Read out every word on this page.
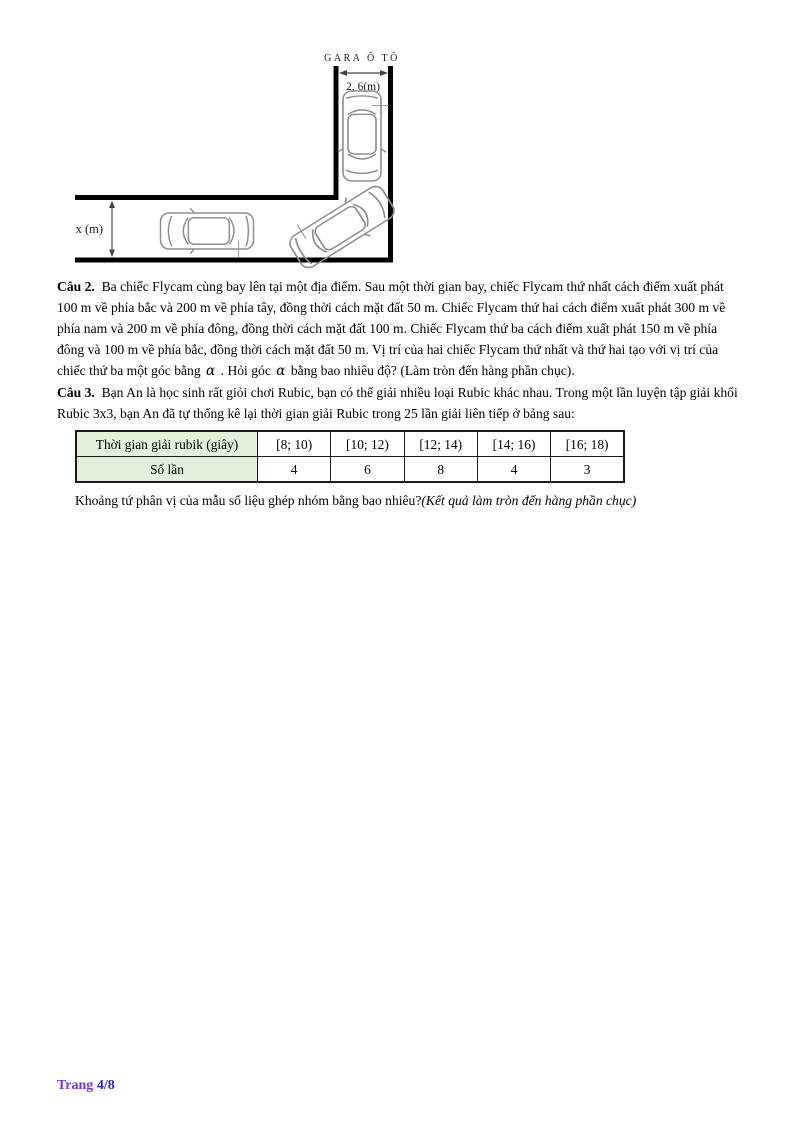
GARA Ô TÔ
2, 6(m)
x (m)

Câu 2. Ba chiếc Flycam cùng bay lên tại một địa điểm. Sau một thời gian bay, chiếc Flycam thứ nhất cách điểm xuất phát 100 m về phía bắc và 200 m về phía tây, đồng thời cách mặt đất 50 m. Chiếc Flycam thứ hai cách điểm xuất phát 300 m về phía nam và 200 m về phía đông, đồng thời cách mặt đất 100 m. Chiếc Flycam thứ ba cách điểm xuất phát 150 m về phía đông và 100 m về phía bắc, đồng thời cách mặt đất 50 m. Vị trí của hai chiếc Flycam thứ nhất và thứ hai tạo với vị trí của chiếc thứ ba một góc bằng α . Hỏi góc α bằng bao nhiêu độ? (Làm tròn đến hàng phần chục).

Câu 3. Bạn An là học sinh rất giỏi chơi Rubic, bạn có thể giải nhiều loại Rubic khác nhau. Trong một lần luyện tập giải khối Rubic 3x3, bạn An đã tự thống kê lại thời gian giải Rubic trong 25 lần giải liên tiếp ở bảng sau:

Thời gian giải rubik (giây)	[8; 10)	[10; 12)	[12; 14)	[14; 16)	[16; 18)
Số lần	4	6	8	4	3

Khoảng tứ phân vị của mẫu số liệu ghép nhóm bằng bao nhiêu?(Kết quả làm tròn đến hàng phần chục)

Trang 4/8
